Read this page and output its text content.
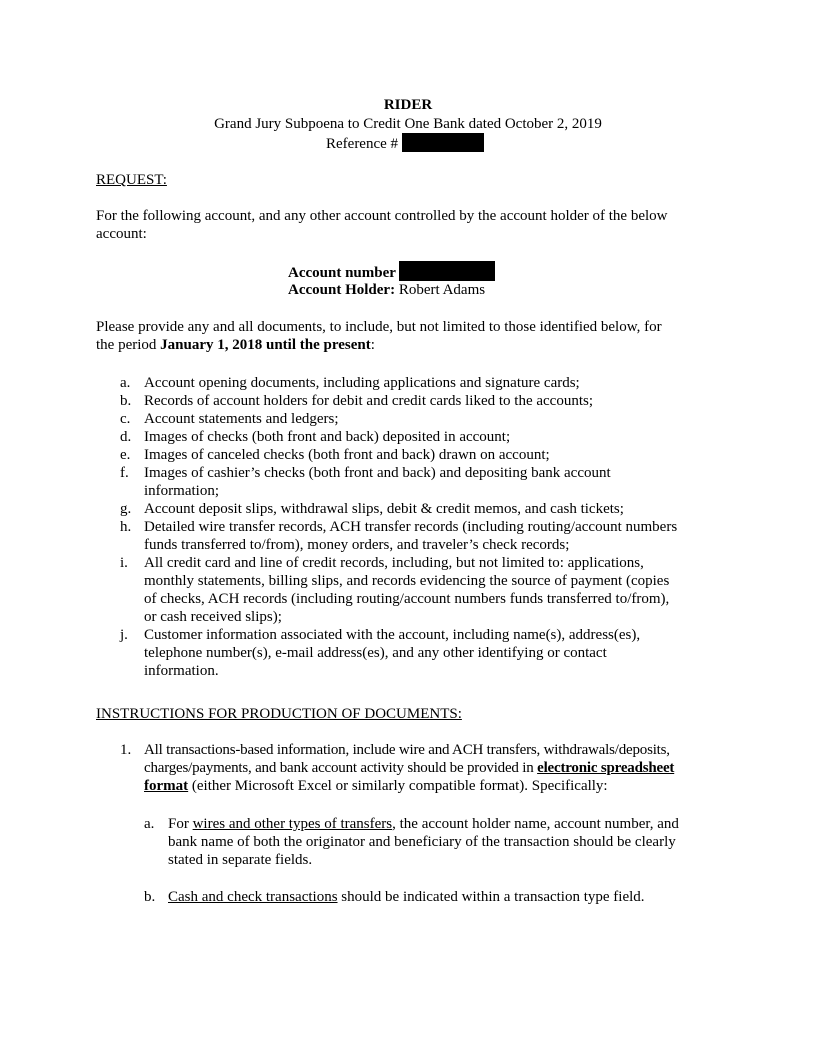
RIDER
Grand Jury Subpoena to Credit One Bank dated October 2, 2019
Reference #
REQUEST:
For the following account, and any other account controlled by the account holder of the below
account:
Account number
Account Holder: Robert Adams
Please provide any and all documents, to include, but not limited to those identified below, for
the period January 1, 2018 until the present:
a. Account opening documents, including applications and signature cards;
b. Records of account holders for debit and credit cards liked to the accounts;
c. Account statements and ledgers;
d. Images of checks (both front and back) deposited in account;
e. Images of canceled checks (both front and back) drawn on account;
f. Images of cashier’s checks (both front and back) and depositing bank account
information;
g. Account deposit slips, withdrawal slips, debit & credit memos, and cash tickets;
h. Detailed wire transfer records, ACH transfer records (including routing/account numbers
funds transferred to/from), money orders, and traveler’s check records;
i. All credit card and line of credit records, including, but not limited to: applications,
monthly statements, billing slips, and records evidencing the source of payment (copies
of checks, ACH records (including routing/account numbers funds transferred to/from),
or cash received slips);
j. Customer information associated with the account, including name(s), address(es),
telephone number(s), e-mail address(es), and any other identifying or contact
information.
INSTRUCTIONS FOR PRODUCTION OF DOCUMENTS:
1. All transactions-based information, include wire and ACH transfers, withdrawals/deposits,
charges/payments, and bank account activity should be provided in electronic spreadsheet
format (either Microsoft Excel or similarly compatible format). Specifically:
a. For wires and other types of transfers, the account holder name, account number, and
bank name of both the originator and beneficiary of the transaction should be clearly
stated in separate fields.
b. Cash and check transactions should be indicated within a transaction type field.
